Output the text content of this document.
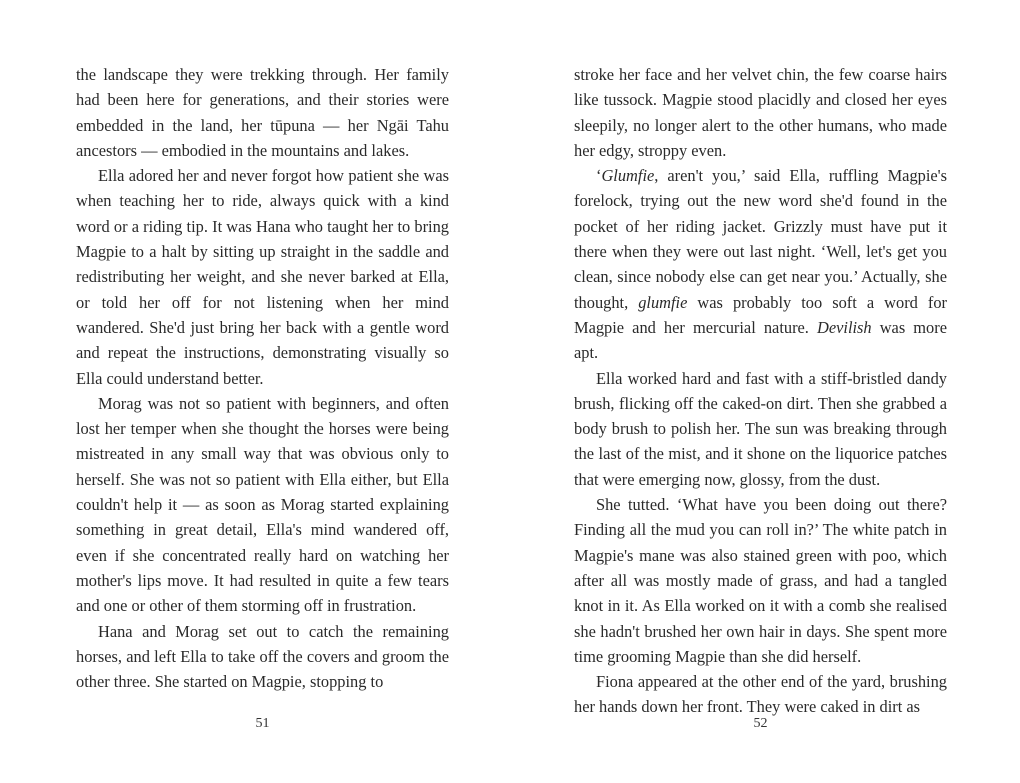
the landscape they were trekking through. Her family had been here for generations, and their stories were embedded in the land, her tūpuna — her Ngāi Tahu ancestors — embodied in the mountains and lakes.

Ella adored her and never forgot how patient she was when teaching her to ride, always quick with a kind word or a riding tip. It was Hana who taught her to bring Magpie to a halt by sitting up straight in the saddle and redistributing her weight, and she never barked at Ella, or told her off for not listening when her mind wandered. She'd just bring her back with a gentle word and repeat the instructions, demonstrating visually so Ella could understand better.

Morag was not so patient with beginners, and often lost her temper when she thought the horses were being mistreated in any small way that was obvious only to herself. She was not so patient with Ella either, but Ella couldn't help it — as soon as Morag started explaining something in great detail, Ella's mind wandered off, even if she concentrated really hard on watching her mother's lips move. It had resulted in quite a few tears and one or other of them storming off in frustration.

Hana and Morag set out to catch the remaining horses, and left Ella to take off the covers and groom the other three. She started on Magpie, stopping to

51

stroke her face and her velvet chin, the few coarse hairs like tussock. Magpie stood placidly and closed her eyes sleepily, no longer alert to the other humans, who made her edgy, stroppy even.

‘Glumfie, aren't you,’ said Ella, ruffling Magpie's forelock, trying out the new word she'd found in the pocket of her riding jacket. Grizzly must have put it there when they were out last night. ‘Well, let's get you clean, since nobody else can get near you.’ Actually, she thought, glumfie was probably too soft a word for Magpie and her mercurial nature. Devilish was more apt.

Ella worked hard and fast with a stiff-bristled dandy brush, flicking off the caked-on dirt. Then she grabbed a body brush to polish her. The sun was breaking through the last of the mist, and it shone on the liquorice patches that were emerging now, glossy, from the dust.

She tutted. ‘What have you been doing out there? Finding all the mud you can roll in?’ The white patch in Magpie's mane was also stained green with poo, which after all was mostly made of grass, and had a tangled knot in it. As Ella worked on it with a comb she realised she hadn't brushed her own hair in days. She spent more time grooming Magpie than she did herself.

Fiona appeared at the other end of the yard, brushing her hands down her front. They were caked in dirt as

52
